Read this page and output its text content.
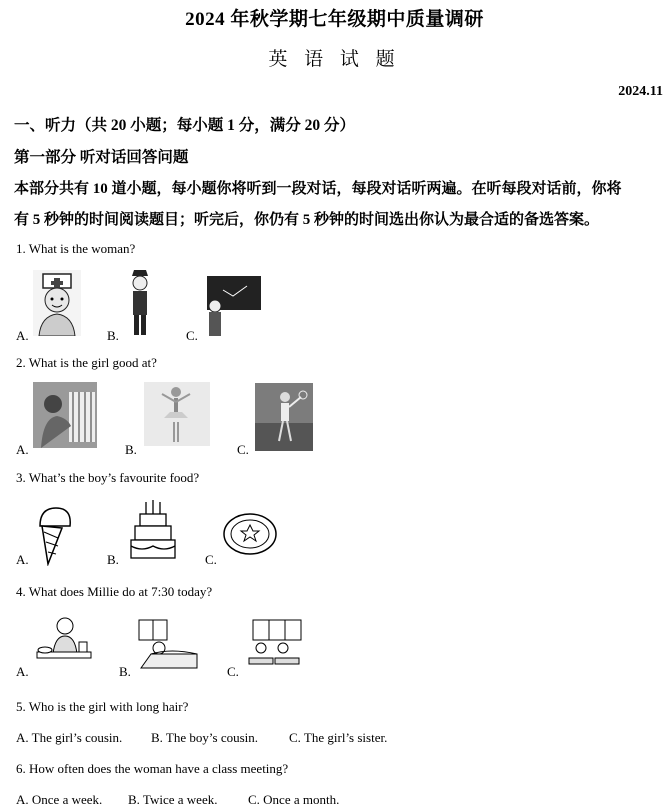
2024 年秋学期七年级期中质量调研
英 语 试 题
2024.11
一、听力（共 20 小题；每小题 1 分，满分 20 分）
第一部分 听对话回答问题
本部分共有 10 道小题，每小题你将听到一段对话，每段对话听两遍。在听每段对话前，你将
有 5 秒钟的时间阅读题目；听完后，你仍有 5 秒钟的时间选出你认为最合适的备选答案。
1. What is the woman?
A.	B.	C.
2. What is the girl good at?
A.	B.	C.
3. What’s the boy’s favourite food?
A.	B.	C.
4. What does Millie do at 7:30 today?
A.	B.	C.
5. Who is the girl with long hair?
A. The girl’s cousin. B. The boy’s cousin. C. The girl’s sister.
6. How often does the woman have a class meeting?
A. Once a week. B. Twice a week. C. Once a month.
